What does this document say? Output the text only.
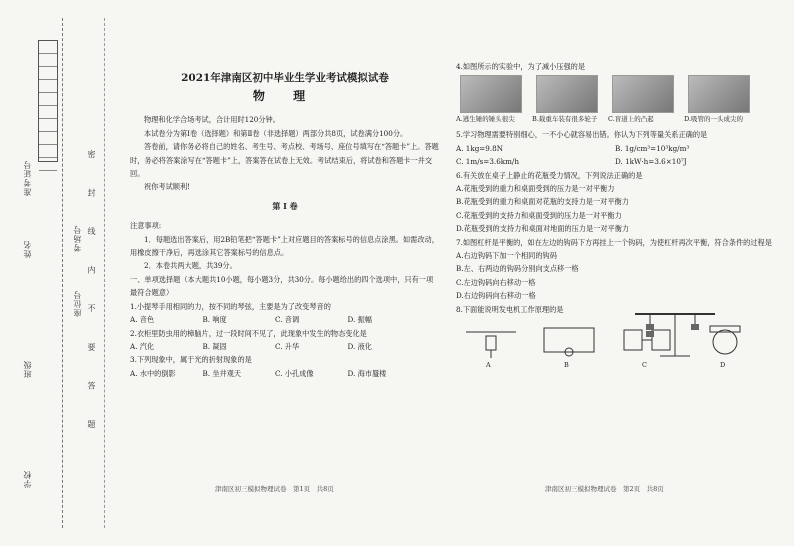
学校
班级
姓名
座位号
考场号
准考证号	密 封 线 内 不 要 答 题
2021年津南区初中毕业生学业考试模拟试卷
物 理

物理和化学合场考试，合计用时120分钟。

本试卷分为第Ⅰ卷（选择题）和第Ⅱ卷（非选择题）两部分共8页，试卷满分100分。

答卷前，请你务必将自己的姓名、考生号、考点校、考场号、座位号填写在“答题卡”上。答题时，务必将答案涂写在“答题卡”上，答案答在试卷上无效。考试结束后，将试卷和答题卡一并交回。

祝你考试顺利!

第 Ⅰ 卷

注意事项:

1．每题选出答案后，用2B铅笔把“答题卡”上对应题目的答案标号的信息点涂黑。如需改动，用橡皮擦干净后，再选涂其它答案标号的信息点。

2．本卷共两大题，共39分。

一、单项选择题（本大题共10小题，每小题3分，共30分。每小题给出的四个选项中，只有一项最符合题意）

1.小提琴手用相同的力，按不同的琴弦，主要是为了改变琴音的

A. 音色	B. 响度	C. 音调	D. 振幅

2.衣柜里防虫用的樟脑片，过一段时间不见了，此现象中发生的物态变化是

A. 汽化	B. 凝固	C. 升华	D. 液化

3.下列现象中，属于光的折射现象的是

A. 水中的倒影	B. 坐井观天	C. 小孔成像	D. 海市蜃楼

4.如图所示的实验中，为了减小压强的是

A.逃生锤的锤头很尖	B.载重车装有很多轮子	C.盲道上的凸起	D.吸管的一头成尖的

5.学习物理需要特别细心，一不小心就容易出错。你认为下列等量关系正确的是

A. 1kg=9.8N	B. 1g/cm³=10³kg/m³
C. 1m/s=3.6km/h	D. 1kW·h=3.6×10⁷J

6.有关放在桌子上静止的花瓶受力情况，下列说法正确的是

A.花瓶受到的重力和桌面受到的压力是一对平衡力

B.花瓶受到的重力和桌面对花瓶的支持力是一对平衡力

C.花瓶受到的支持力和桌面受到的压力是一对平衡力

D.花瓶受到的支持力和桌面对地面的压力是一对平衡力

7.如图杠杆是平衡的，如在左边的钩码下方再挂上一个钩码，为使杠杆再次平衡，符合条件的过程是

A.右边钩码下加一个相同的钩码

B.左、右两边的钩码分别向支点移一格

C.左边钩码向右移动一格

D.右边钩码向右移动一格

8.下面能说明发电机工作原理的是

A	B	C	D
津南区初三模拟物理试卷　第1页　共8页	津南区初三模拟物理试卷　第2页　共8页
